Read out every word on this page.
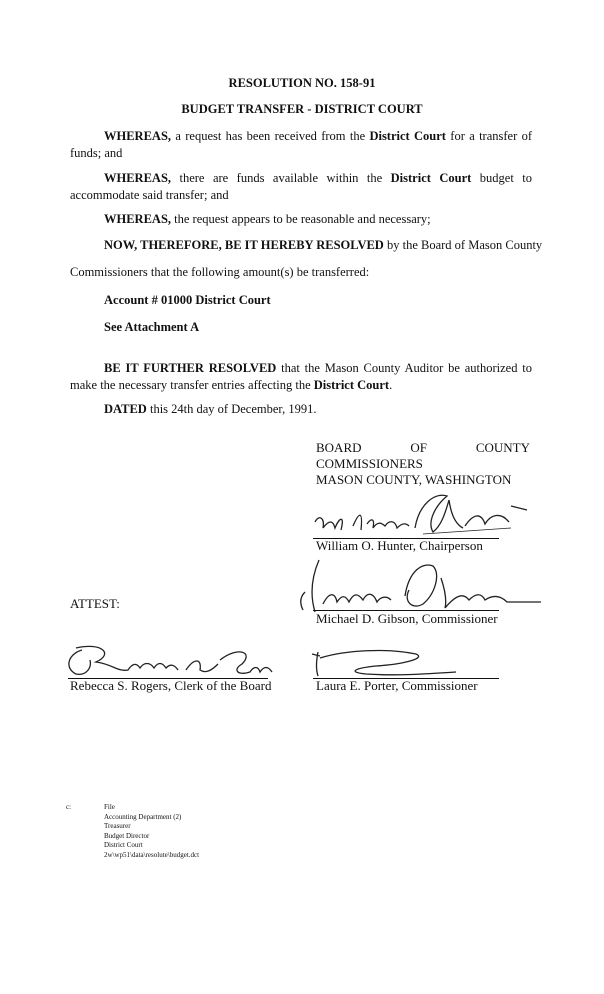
RESOLUTION NO. 158-91
BUDGET TRANSFER - DISTRICT COURT
WHEREAS, a request has been received from the District Court for a transfer of funds; and
WHEREAS, there are funds available within the District Court budget to accommodate said transfer; and
WHEREAS, the request appears to be reasonable and necessary;
NOW, THEREFORE, BE IT HEREBY RESOLVED by the Board of Mason County
Commissioners that the following amount(s) be transferred:
Account # 01000 District Court
See Attachment A
BE IT FURTHER RESOLVED that the Mason County Auditor be authorized to make the necessary transfer entries affecting the District Court.
DATED this 24th day of December, 1991.
BOARD	OF	COUNTY
COMMISSIONERS
MASON COUNTY, WASHINGTON
William O. Hunter, Chairperson
ATTEST:
Michael D. Gibson, Commissioner
Rebecca S. Rogers, Clerk of the Board	Laura E. Porter, Commissioner
c:	File
Accounting Department (2)
Treasurer
Budget Director
District Court
2w\wp51\data\resolute\budget.dct
